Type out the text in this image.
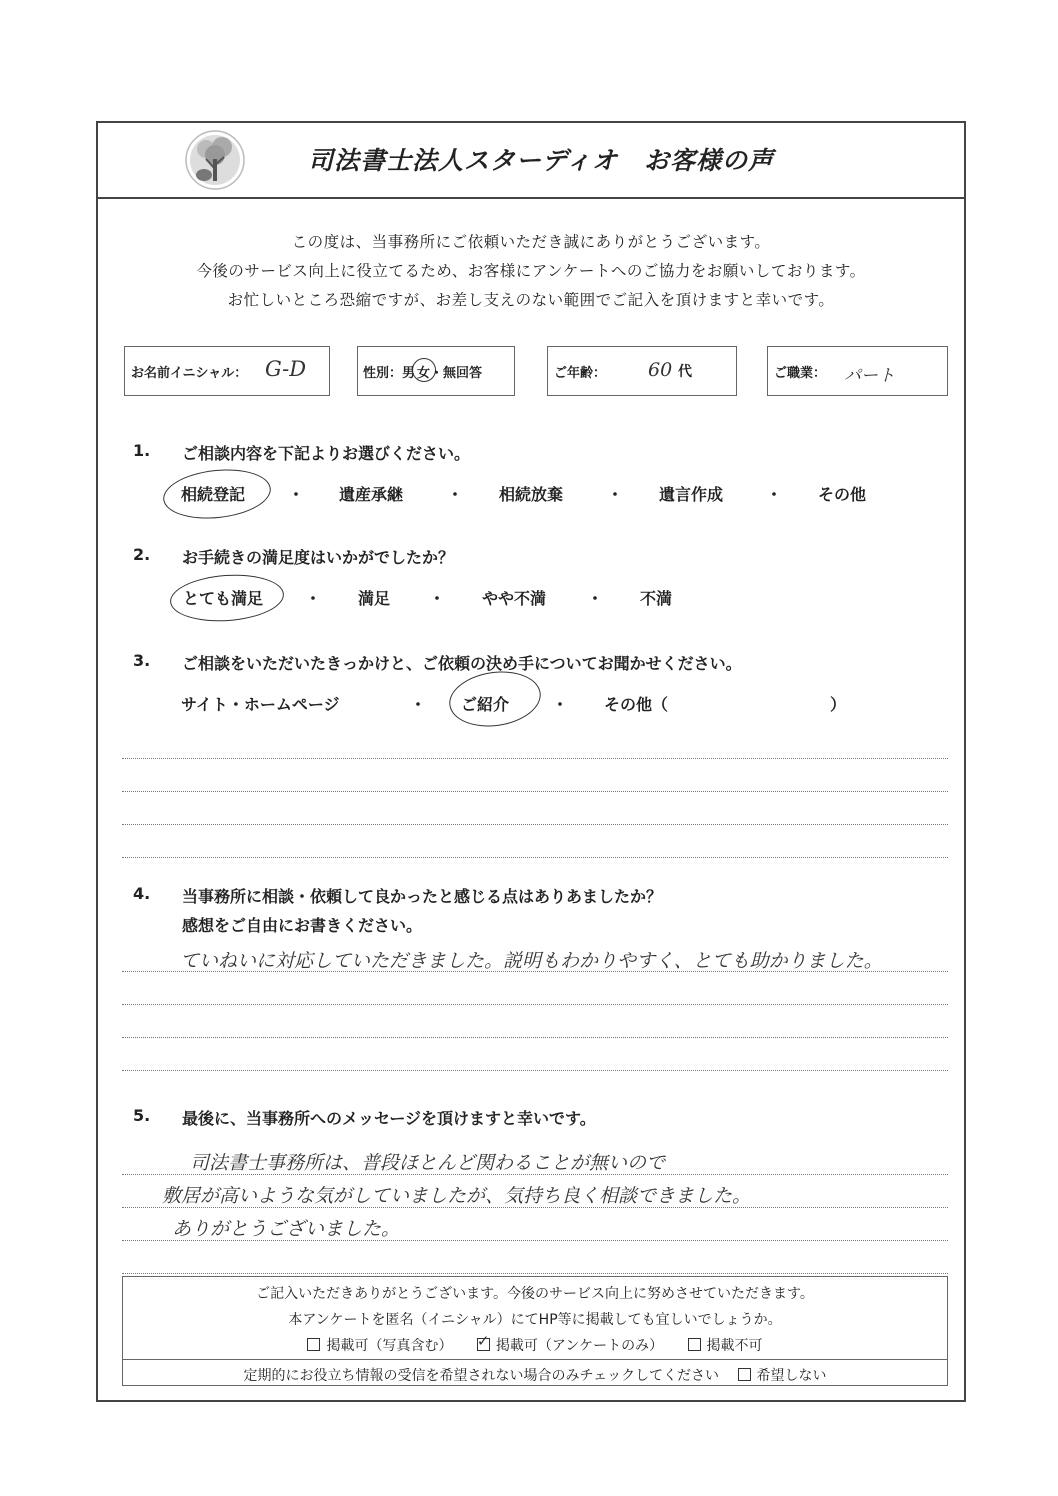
司法書士法人スターディオ　お客様の声
この度は、当事務所にご依頼いただき誠にありがとうございます。
今後のサービス向上に役立てるため、お客様にアンケートへのご協力をお願いしております。
お忙しいところ恐縮ですが、お差し支えのない範囲でご記入を頂けますと幸いです。
お名前イニシャル： G-D	性別：男 女
・無回答	ご年齢： 60 代	ご職業： パート
1. ご相談内容を下記よりお選びください。
相続登記	・ 遺産承継	・ 相続放棄	・ 遺言作成	・ その他
2. お手続きの満足度はいかがでしたか？
とても満足	・ 満足 ・ やや不満	・ 不満
3. ご相談をいただいたきっかけと、ご依頼の決め手についてお聞かせください。
サイト・ホームページ	・ ご紹介	・ その他（	）
4. 当事務所に相談・依頼して良かったと感じる点はありあましたか？
感想をご自由にお書きください。
ていねいに対応していただきました。説明もわかりやすく、とても助かりました。
5. 最後に、当事務所へのメッセージを頂けますと幸いです。
司法書士事務所は、普段ほとんど関わることが無いので
敷居が高いような気がしていましたが、気持ち良く相談できました。
ありがとうございました。
ご記入いただきありがとうございます。今後のサービス向上に努めさせていただきます。
本アンケートを匿名（イニシャル）にてHP等に掲載しても宜しいでしょうか。
掲載可（写真含む） ✓	掲載可（アンケートのみ）	掲載不可
定期的にお役立ち情報の受信を希望されない場合のみチェックしてください	希望しない
